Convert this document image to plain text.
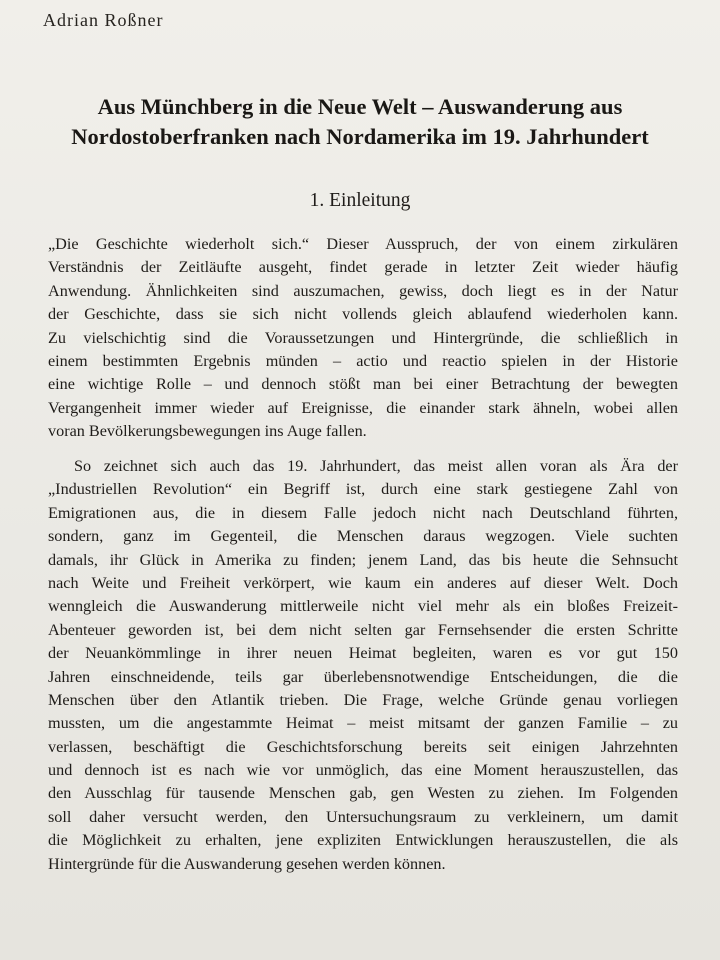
Adrian Roßner
Aus Münchberg in die Neue Welt – Auswanderung aus
Nordostoberfranken nach Nordamerika im 19. Jahrhundert
1. Einleitung
„Die Geschichte wiederholt sich.“ Dieser Ausspruch, der von einem zirkulären
Verständnis der Zeitläufte ausgeht, findet gerade in letzter Zeit wieder häufig
Anwendung. Ähnlichkeiten sind auszumachen, gewiss, doch liegt es in der Natur
der Geschichte, dass sie sich nicht vollends gleich ablaufend wiederholen kann.
Zu vielschichtig sind die Voraussetzungen und Hintergründe, die schließlich in
einem bestimmten Ergebnis münden – actio und reactio spielen in der Historie
eine wichtige Rolle – und dennoch stößt man bei einer Betrachtung der bewegten
Vergangenheit immer wieder auf Ereignisse, die einander stark ähneln, wobei allen
voran Bevölkerungsbewegungen ins Auge fallen.
So zeichnet sich auch das 19. Jahrhundert, das meist allen voran als Ära der
„Industriellen Revolution“ ein Begriff ist, durch eine stark gestiegene Zahl von
Emigrationen aus, die in diesem Falle jedoch nicht nach Deutschland führten,
sondern, ganz im Gegenteil, die Menschen daraus wegzogen. Viele suchten
damals, ihr Glück in Amerika zu finden; jenem Land, das bis heute die Sehnsucht
nach Weite und Freiheit verkörpert, wie kaum ein anderes auf dieser Welt. Doch
wenngleich die Auswanderung mittlerweile nicht viel mehr als ein bloßes Freizeit-
Abenteuer geworden ist, bei dem nicht selten gar Fernsehsender die ersten Schritte
der Neuankömmlinge in ihrer neuen Heimat begleiten, waren es vor gut 150
Jahren einschneidende, teils gar überlebensnotwendige Entscheidungen, die die
Menschen über den Atlantik trieben. Die Frage, welche Gründe genau vorliegen
mussten, um die angestammte Heimat – meist mitsamt der ganzen Familie – zu
verlassen, beschäftigt die Geschichtsforschung bereits seit einigen Jahrzehnten
und dennoch ist es nach wie vor unmöglich, das eine Moment herauszustellen, das
den Ausschlag für tausende Menschen gab, gen Westen zu ziehen. Im Folgenden
soll daher versucht werden, den Untersuchungsraum zu verkleinern, um damit
die Möglichkeit zu erhalten, jene expliziten Entwicklungen herauszustellen, die als
Hintergründe für die Auswanderung gesehen werden können.
